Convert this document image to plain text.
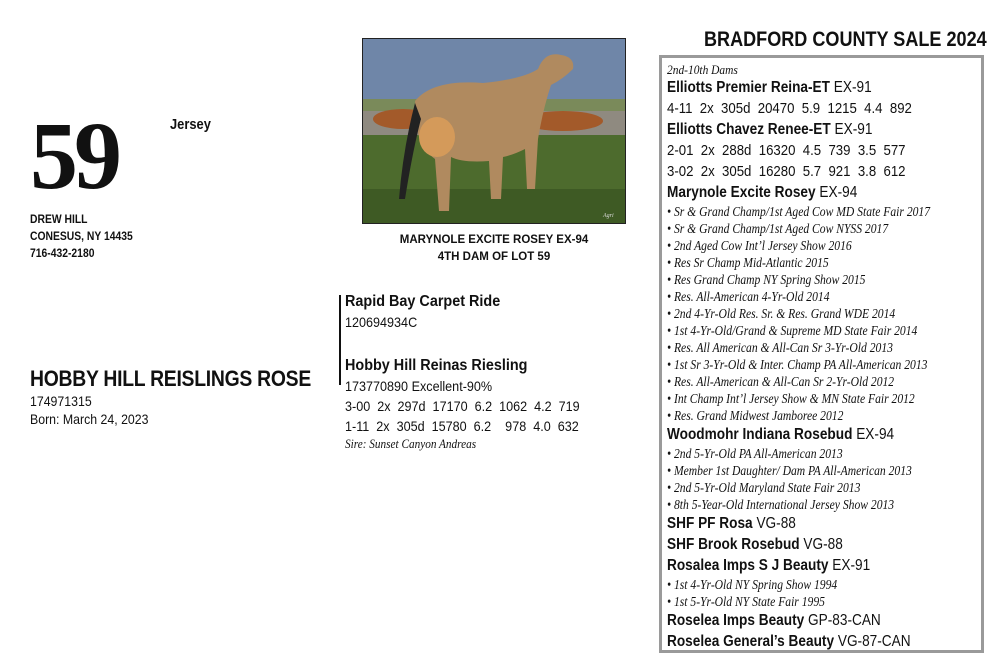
59	Jersey
DREW HILL
CONESUS, NY 14435
716-432-2180
HOBBY HILL REISLINGS ROSE
174971315
Born: March 24, 2023
Agri
MARYNOLE EXCITE ROSEY EX-94
4TH DAM OF LOT 59
Rapid Bay Carpet Ride
120694934C
Hobby Hill Reinas Riesling
173770890 Excellent-90%
3-00  2x  297d  17170  6.2  1062  4.2  719
1-11  2x  305d  15780  6.2    978  4.0  632
Sire: Sunset Canyon Andreas
BRADFORD COUNTY SALE 2024
2nd-10th Dams
Elliotts Premier Reina-ET EX-91
4-11  2x  305d  20470  5.9  1215  4.4  892
Elliotts Chavez Renee-ET EX-91
2-01  2x  288d  16320  4.5  739  3.5  577
3-02  2x  305d  16280  5.7  921  3.8  612
Marynole Excite Rosey EX-94
• Sr & Grand Champ/1st Aged Cow MD State Fair 2017
• Sr & Grand Champ/1st Aged Cow NYSS 2017
• 2nd Aged Cow Int’l Jersey Show 2016
• Res Sr Champ Mid-Atlantic 2015
• Res Grand Champ NY Spring Show 2015
• Res. All-American 4-Yr-Old 2014
• 2nd 4-Yr-Old Res. Sr. & Res. Grand WDE 2014
• 1st 4-Yr-Old/Grand & Supreme MD State Fair 2014
• Res. All American & All-Can Sr 3-Yr-Old 2013
• 1st Sr 3-Yr-Old & Inter. Champ PA All-American 2013
• Res. All-American & All-Can Sr 2-Yr-Old 2012
• Int Champ Int’l Jersey Show & MN State Fair 2012
• Res. Grand Midwest Jamboree 2012
Woodmohr Indiana Rosebud EX-94
• 2nd 5-Yr-Old PA All-American 2013
• Member 1st Daughter/ Dam PA All-American 2013
• 2nd 5-Yr-Old Maryland State Fair 2013
• 8th 5-Year-Old International Jersey Show 2013
SHF PF Rosa VG-88
SHF Brook Rosebud VG-88
Rosalea Imps S J Beauty EX-91
• 1st 4-Yr-Old NY Spring Show 1994
• 1st 5-Yr-Old NY State Fair 1995
Roselea Imps Beauty GP-83-CAN
Roselea General’s Beauty VG-87-CAN
